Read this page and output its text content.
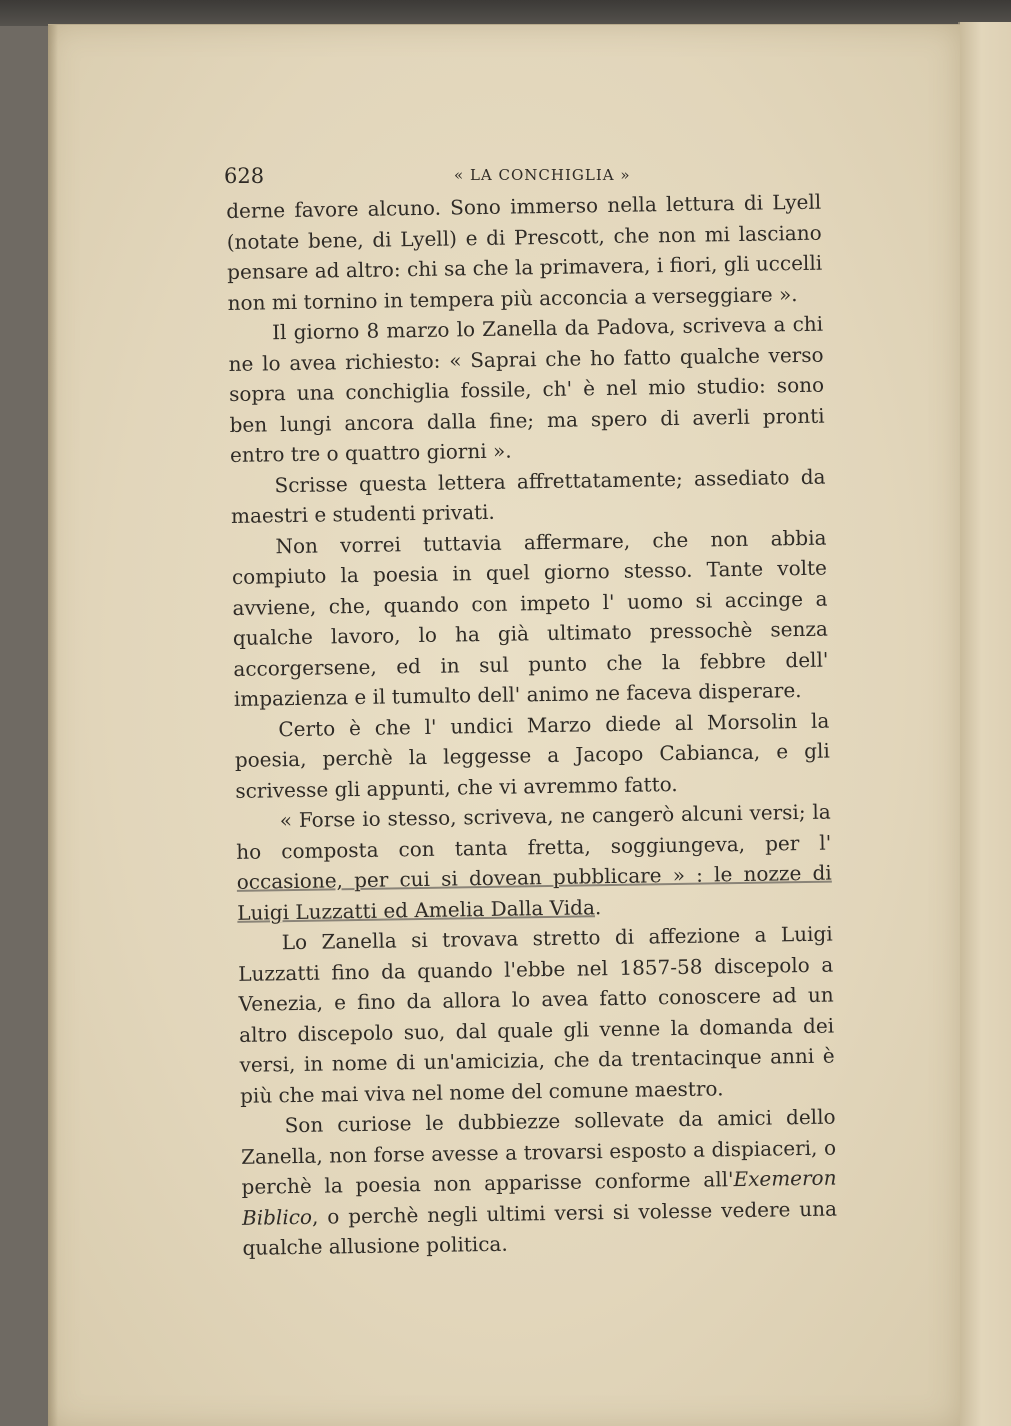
628	« LA CONCHIGLIA »

derne favore alcuno. Sono immerso nella lettura di Lyell (notate bene, di Lyell) e di Prescott, che non mi lasciano pensare ad altro: chi sa che la primavera, i fiori, gli uccelli non mi tornino in tempera più acconcia a verseggiare ».

Il giorno 8 marzo lo Zanella da Padova, scriveva a chi ne lo avea richiesto: « Saprai che ho fatto qualche verso sopra una conchiglia fossile, ch' è nel mio studio: sono ben lungi ancora dalla fine; ma spero di averli pronti entro tre o quattro giorni ».

Scrisse questa lettera affrettatamente; assediato da maestri e studenti privati.

Non vorrei tuttavia affermare, che non abbia compiuto la poesia in quel giorno stesso. Tante volte avviene, che, quando con impeto l' uomo si accinge a qualche lavoro, lo ha già ultimato pressochè senza accorgersene, ed in sul punto che la febbre dell' impazienza e il tumulto dell' animo ne faceva disperare.

Certo è che l' undici Marzo diede al Morsolin la poesia, perchè la leggesse a Jacopo Cabianca, e gli scrivesse gli appunti, che vi avremmo fatto.

« Forse io stesso, scriveva, ne cangerò alcuni versi; la ho composta con tanta fretta, soggiungeva, per l' occasione, per cui si dovean pubblicare » : le nozze di Luigi Luzzatti ed Amelia Dalla Vida.

Lo Zanella si trovava stretto di affezione a Luigi Luzzatti fino da quando l'ebbe nel 1857-58 discepolo a Venezia, e fino da allora lo avea fatto conoscere ad un altro discepolo suo, dal quale gli venne la domanda dei versi, in nome di un'amicizia, che da trentacinque anni è più che mai viva nel nome del comune maestro.

Son curiose le dubbiezze sollevate da amici dello Zanella, non forse avesse a trovarsi esposto a dispiaceri, o perchè la poesia non apparisse conforme all'Exemeron Biblico, o perchè negli ultimi versi si volesse vedere una qualche allusione politica.
